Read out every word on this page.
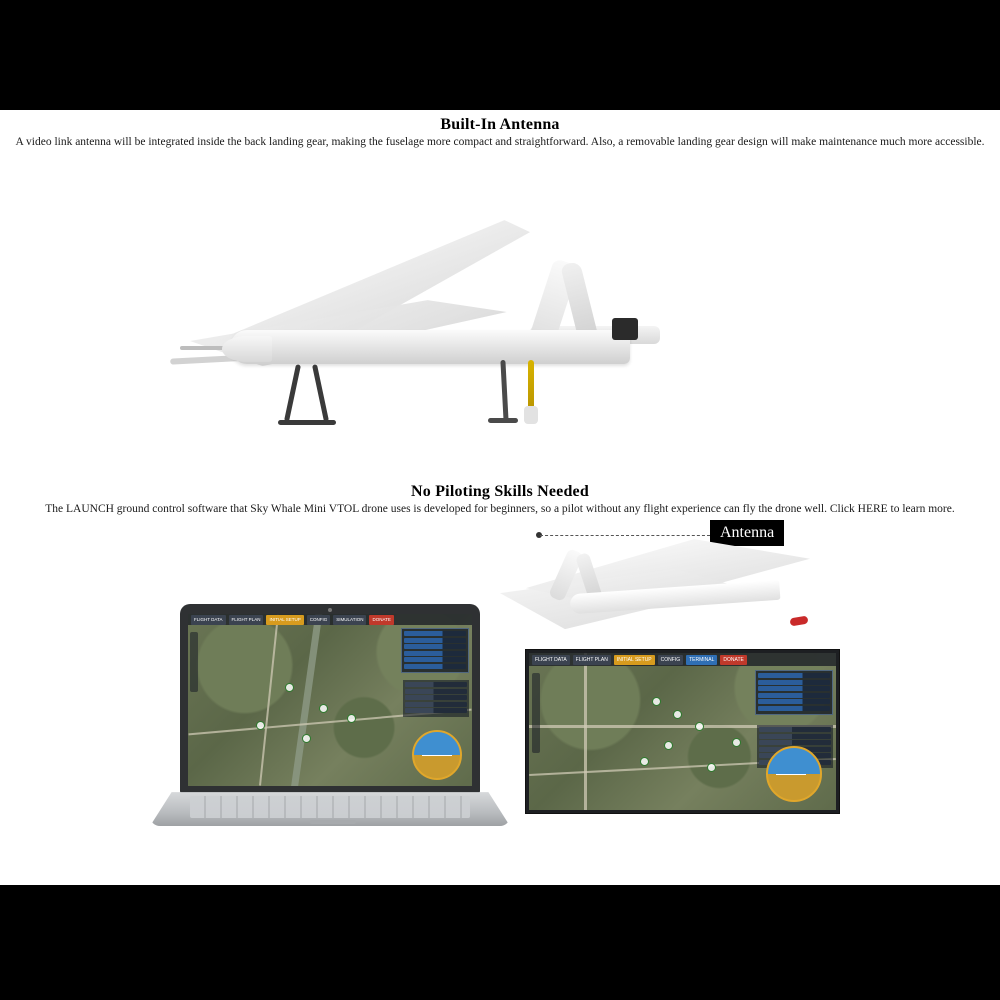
Built-In Antenna
A video link antenna will be integrated inside the back landing gear, making the fuselage more compact and straightforward. Also, a removable landing gear design will make maintenance much more accessible.
Antenna
No Piloting Skills Needed
The LAUNCH ground control software that Sky Whale Mini VTOL drone uses is developed for beginners, so a pilot without any flight experience can fly the drone well. Click HERE to learn more.
FLIGHT DATA	FLIGHT PLAN	INITIAL SETUP	CONFIG	SIMULATION	DONATE
FLIGHT DATA	FLIGHT PLAN	INITIAL SETUP	CONFIG	TERMINAL	DONATE
